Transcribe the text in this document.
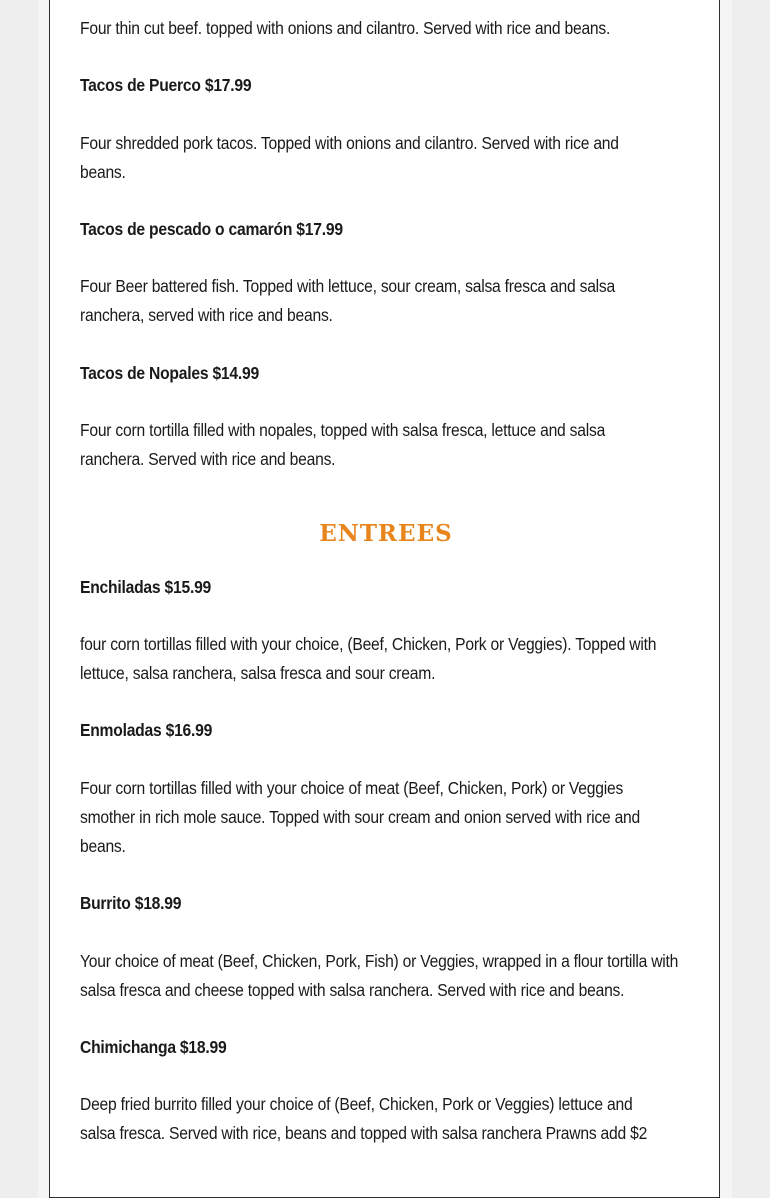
Four thin cut beef. topped with onions and cilantro. Served with rice and beans.

Tacos de Puerco $17.99

Four shredded pork tacos. Topped with onions and cilantro. Served with rice and beans.

Tacos de pescado o camarón $17.99

Four Beer battered fish. Topped with lettuce, sour cream, salsa fresca and salsa ranchera, served with rice and beans.

Tacos de Nopales $14.99

Four corn tortilla filled with nopales, topped with salsa fresca, lettuce and salsa ranchera. Served with rice and beans.

ENTREES

Enchiladas $15.99

four corn tortillas filled with your choice, (Beef, Chicken, Pork or Veggies). Topped with lettuce, salsa ranchera, salsa fresca and sour cream.

Enmoladas $16.99

Four corn tortillas filled with your choice of meat (Beef, Chicken, Pork) or Veggies smother in rich mole sauce. Topped with sour cream and onion served with rice and beans.

Burrito $18.99

Your choice of meat (Beef, Chicken, Pork, Fish) or Veggies, wrapped in a flour tortilla with salsa fresca and cheese topped with salsa ranchera. Served with rice and beans.

Chimichanga $18.99

Deep fried burrito filled your choice of (Beef, Chicken, Pork or Veggies) lettuce and salsa fresca. Served with rice, beans and topped with salsa ranchera Prawns add $2
